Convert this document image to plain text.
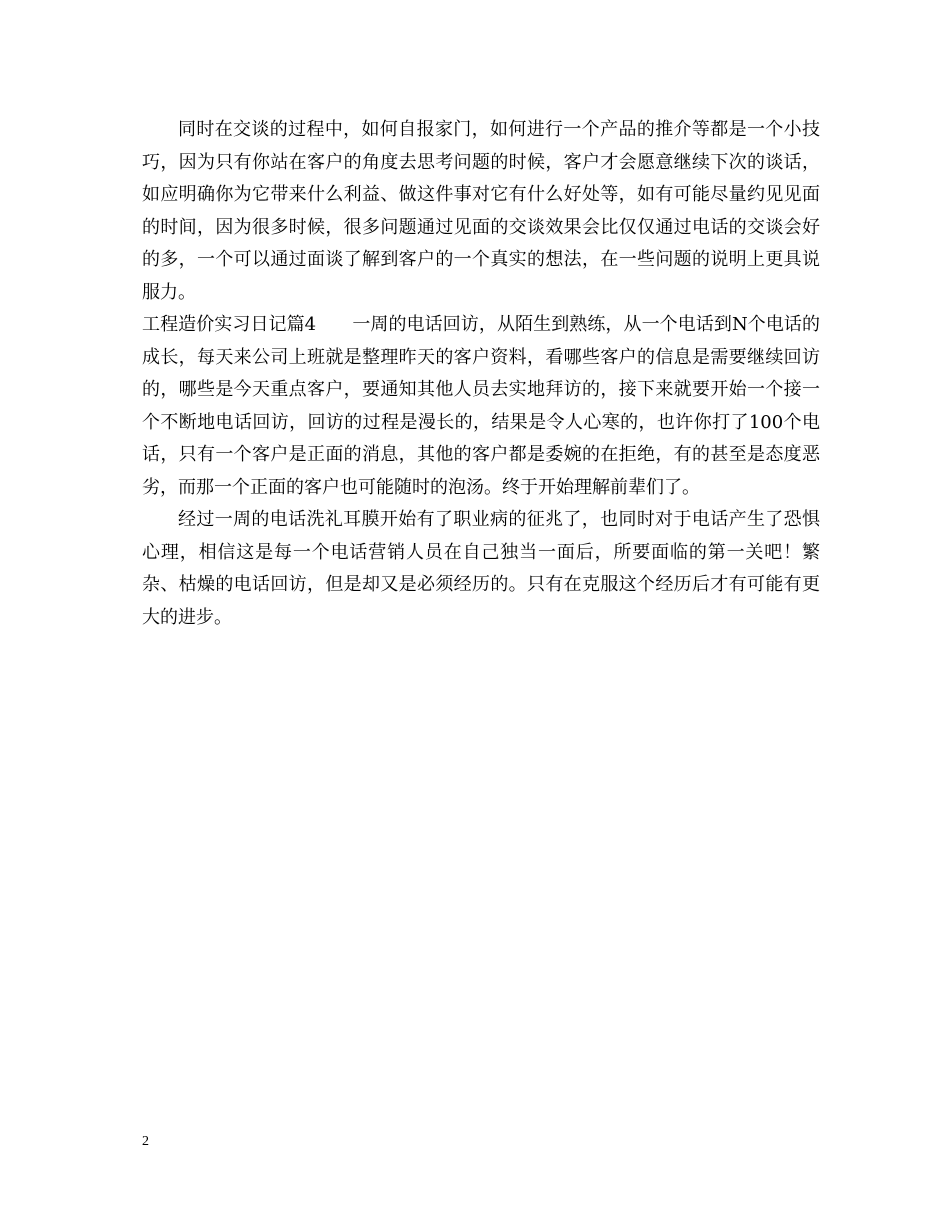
同时在交谈的过程中，如何自报家门，如何进行一个产品的推介等都是一个小技巧，因为只有你站在客户的角度去思考问题的时候，客户才会愿意继续下次的谈话，如应明确你为它带来什么利益、做这件事对它有什么好处等，如有可能尽量约见见面的时间，因为很多时候，很多问题通过见面的交谈效果会比仅仅通过电话的交谈会好的多，一个可以通过面谈了解到客户的一个真实的想法，在一些问题的说明上更具说服力。

工程造价实习日记篇4　　一周的电话回访，从陌生到熟练，从一个电话到N个电话的成长，每天来公司上班就是整理昨天的客户资料，看哪些客户的信息是需要继续回访的，哪些是今天重点客户，要通知其他人员去实地拜访的，接下来就要开始一个接一个不断地电话回访，回访的过程是漫长的，结果是令人心寒的，也许你打了100个电话，只有一个客户是正面的消息，其他的客户都是委婉的在拒绝，有的甚至是态度恶劣，而那一个正面的客户也可能随时的泡汤。终于开始理解前辈们了。

经过一周的电话洗礼耳膜开始有了职业病的征兆了，也同时对于电话产生了恐惧心理，相信这是每一个电话营销人员在自己独当一面后，所要面临的第一关吧！繁杂、枯燥的电话回访，但是却又是必须经历的。只有在克服这个经历后才有可能有更大的进步。

2
